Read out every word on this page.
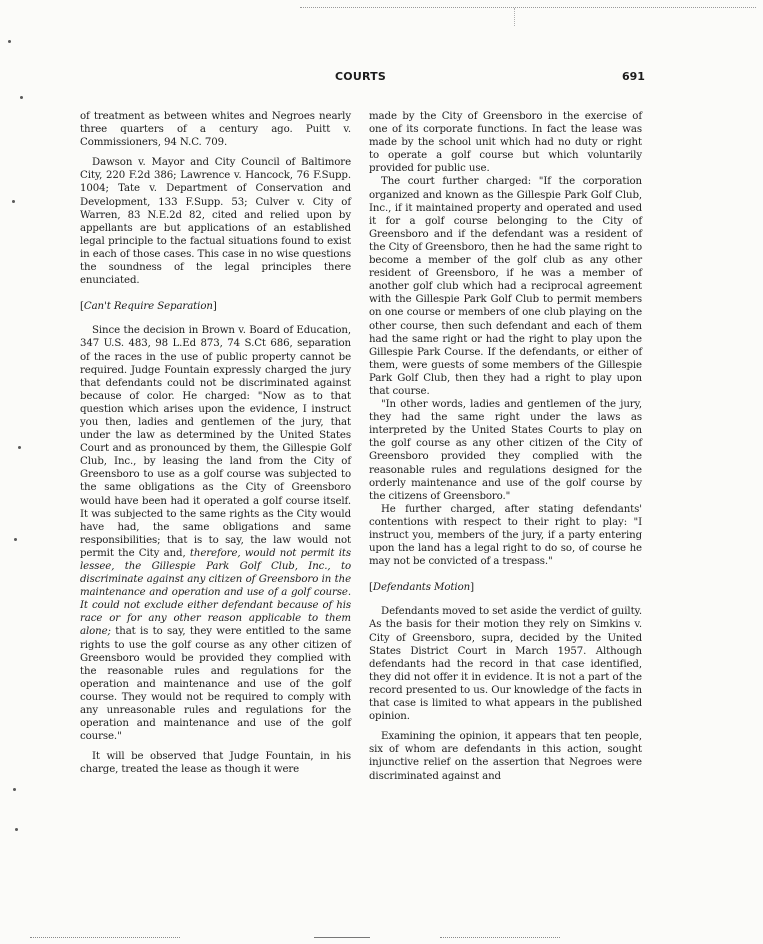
COURTS	691

of treatment as between whites and Negroes nearly three quarters of a century ago. Puitt v. Commissioners, 94 N.C. 709.

Dawson v. Mayor and City Council of Baltimore City, 220 F.2d 386; Lawrence v. Hancock, 76 F.Supp. 1004; Tate v. Department of Conservation and Development, 133 F.Supp. 53; Culver v. City of Warren, 83 N.E.2d 82, cited and relied upon by appellants are but applications of an established legal principle to the factual situations found to exist in each of those cases. This case in no wise questions the soundness of the legal principles there enunciated.

[Can't Require Separation]

Since the decision in Brown v. Board of Education, 347 U.S. 483, 98 L.Ed 873, 74 S.Ct 686, separation of the races in the use of public property cannot be required. Judge Fountain expressly charged the jury that defendants could not be discriminated against because of color. He charged: "Now as to that question which arises upon the evidence, I instruct you then, ladies and gentlemen of the jury, that under the law as determined by the United States Court and as pronounced by them, the Gillespie Golf Club, Inc., by leasing the land from the City of Greensboro to use as a golf course was subjected to the same obligations as the City of Greensboro would have been had it operated a golf course itself. It was subjected to the same rights as the City would have had, the same obligations and same responsibilities; that is to say, the law would not permit the City and, therefore, would not permit its lessee, the Gillespie Park Golf Club, Inc., to discriminate against any citizen of Greensboro in the maintenance and operation and use of a golf course. It could not exclude either defendant because of his race or for any other reason applicable to them alone; that is to say, they were entitled to the same rights to use the golf course as any other citizen of Greensboro would be provided they complied with the reasonable rules and regulations for the operation and maintenance and use of the golf course. They would not be required to comply with any unreasonable rules and regulations for the operation and maintenance and use of the golf course."

It will be observed that Judge Fountain, in his charge, treated the lease as though it were

made by the City of Greensboro in the exercise of one of its corporate functions. In fact the lease was made by the school unit which had no duty or right to operate a golf course but which voluntarily provided for public use.

The court further charged: "If the corporation organized and known as the Gillespie Park Golf Club, Inc., if it maintained property and operated and used it for a golf course belonging to the City of Greensboro and if the defendant was a resident of the City of Greensboro, then he had the same right to become a member of the golf club as any other resident of Greensboro, if he was a member of another golf club which had a reciprocal agreement with the Gillespie Park Golf Club to permit members on one course or members of one club playing on the other course, then such defendant and each of them had the same right or had the right to play upon the Gillespie Park Course. If the defendants, or either of them, were guests of some members of the Gillespie Park Golf Club, then they had a right to play upon that course.

"In other words, ladies and gentlemen of the jury, they had the same right under the laws as interpreted by the United States Courts to play on the golf course as any other citizen of the City of Greensboro provided they complied with the reasonable rules and regulations designed for the orderly maintenance and use of the golf course by the citizens of Greensboro."

He further charged, after stating defendants' contentions with respect to their right to play: "I instruct you, members of the jury, if a party entering upon the land has a legal right to do so, of course he may not be convicted of a trespass."

[Defendants Motion]

Defendants moved to set aside the verdict of guilty. As the basis for their motion they rely on Simkins v. City of Greensboro, supra, decided by the United States District Court in March 1957. Although defendants had the record in that case identified, they did not offer it in evidence. It is not a part of the record presented to us. Our knowledge of the facts in that case is limited to what appears in the published opinion.

Examining the opinion, it appears that ten people, six of whom are defendants in this action, sought injunctive relief on the assertion that Negroes were discriminated against and
